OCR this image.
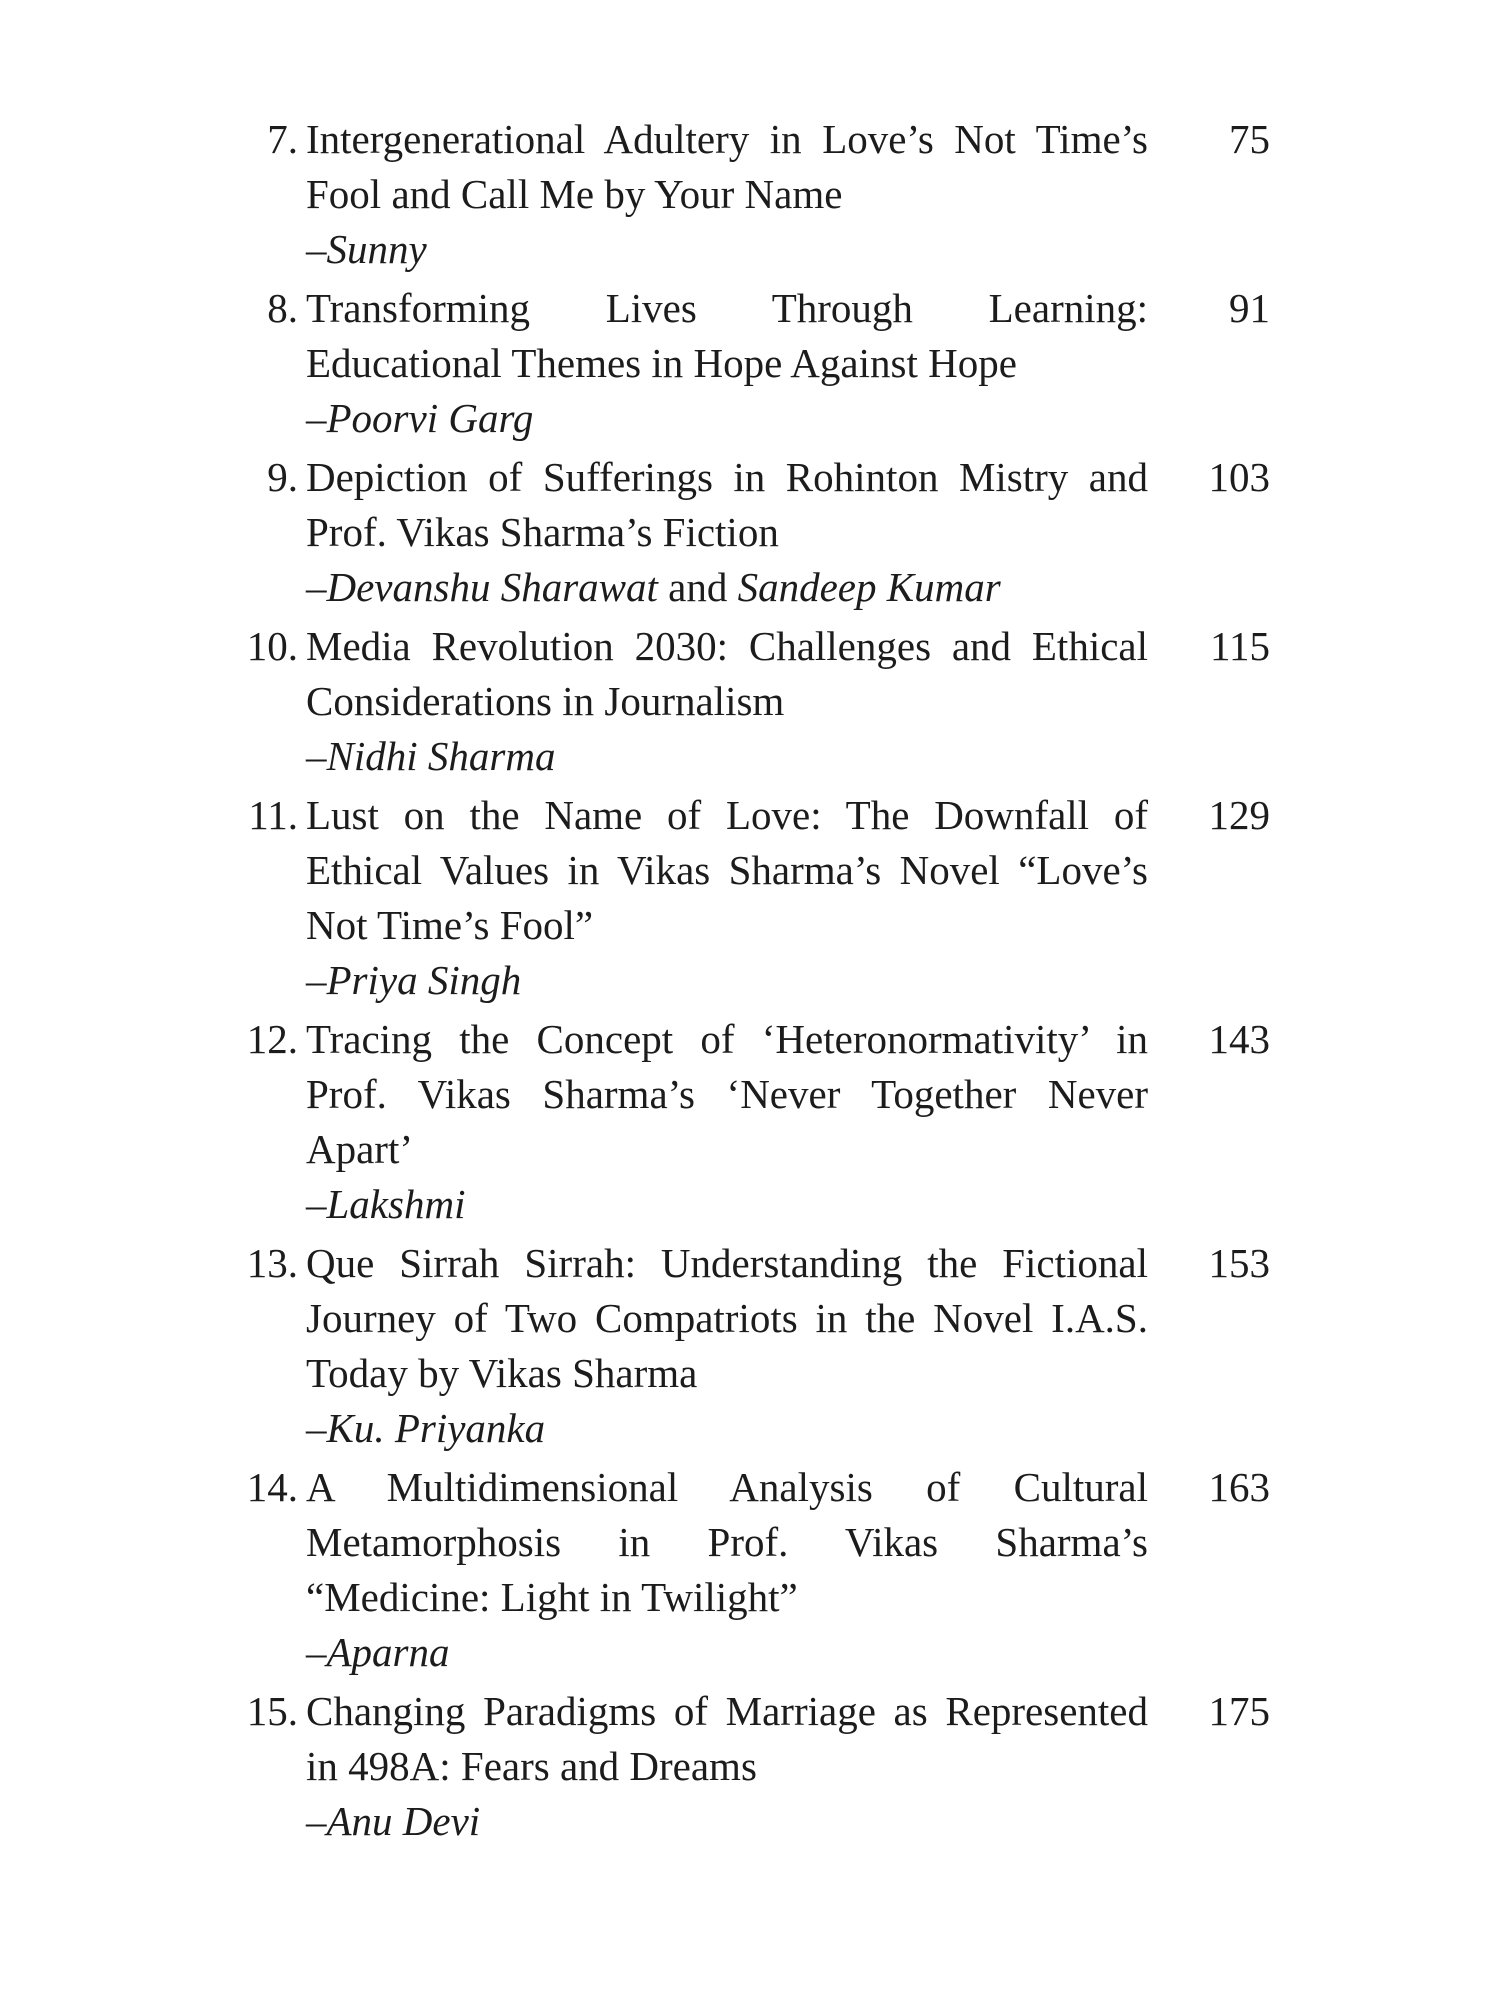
7. Intergenerational Adultery in Love’s Not Time’s Fool and Call Me by Your Name
–Sunny
75
8. Transforming Lives Through Learning: Educational Themes in Hope Against Hope
–Poorvi Garg
91
9. Depiction of Sufferings in Rohinton Mistry and Prof. Vikas Sharma’s Fiction
–Devanshu Sharawat and Sandeep Kumar
103
10. Media Revolution 2030: Challenges and Ethical Considerations in Journalism
–Nidhi Sharma
115
11. Lust on the Name of Love: The Downfall of Ethical Values in Vikas Sharma’s Novel “Love’s Not Time’s Fool”
–Priya Singh
129
12. Tracing the Concept of ‘Heteronormativity’ in Prof. Vikas Sharma’s ‘Never Together Never Apart’
–Lakshmi
143
13. Que Sirrah Sirrah: Understanding the Fictional Journey of Two Compatriots in the Novel I.A.S. Today by Vikas Sharma
–Ku. Priyanka
153
14. A Multidimensional Analysis of Cultural Metamorphosis in Prof. Vikas Sharma’s “Medicine: Light in Twilight”
–Aparna
163
15. Changing Paradigms of Marriage as Represented in 498A: Fears and Dreams
–Anu Devi
175
